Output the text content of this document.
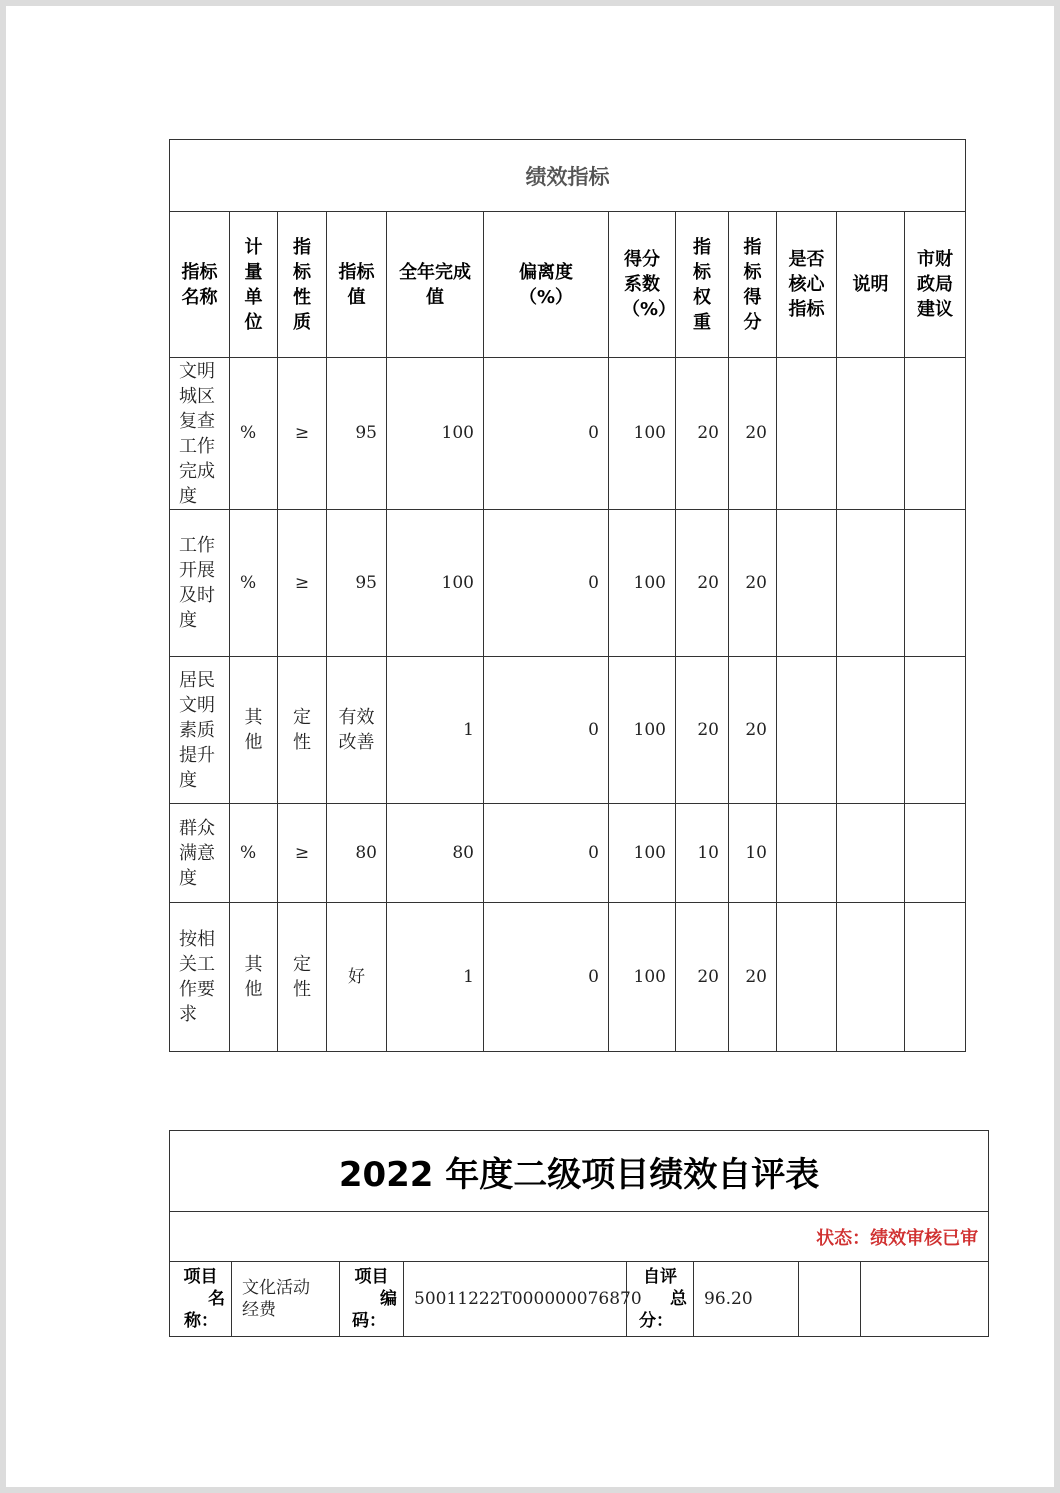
绩效指标											

指标名称	计量单位	指标性质	指标值	全年完成值	偏离度（%）	得分系数（%）	指标权重	指标得分	是否核心指标	说明	市财政局建议

文明城区复查工作完成度	%	≥	95	100	0	100	20	20			

工作开展及时度	%	≥	95	100	0	100	20	20			

居民文明素质提升度	其他	定性	有效改善	1	0	100	20	20			

群众满意度	%	≥	80	80	0	100	10	10			

按相关工作要求	其他	定性	好	1	0	100	20	20			
2022 年度二级项目绩效自评表
状态：绩效审核已审

项目
名
称：

文化活动经费

项目
编
码：
	50011222T000000076870	
自评
总
分：
	96.20		
